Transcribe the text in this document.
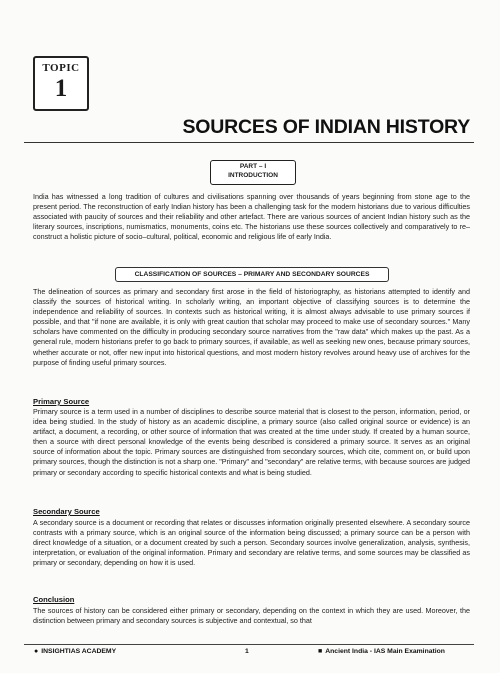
TOPIC
1
SOURCES OF INDIAN HISTORY
PART – I
INTRODUCTION

India has witnessed a long tradition of cultures and civilisations spanning over thousands of years beginning from stone age to the present period. The reconstruction of early Indian history has been a challenging task for the modern historians due to various difficulties associated with paucity of sources and their reliability and other artefact. There are various sources of ancient Indian history such as the literary sources, inscriptions, numismatics, monuments, coins etc. The historians use these sources collectively and comparatively to re–construct a holistic picture of socio–cultural, political, economic and religious life of early India.

CLASSIFICATION OF SOURCES – PRIMARY AND SECONDARY SOURCES

The delineation of sources as primary and secondary first arose in the field of historiography, as historians attempted to identify and classify the sources of historical writing. In scholarly writing, an important objective of classifying sources is to determine the independence and reliability of sources. In contexts such as historical writing, it is almost always advisable to use primary sources if possible, and that "if none are available, it is only with great caution that scholar may proceed to make use of secondary sources." Many scholars have commented on the difficulty in producing secondary source narratives from the "raw data" which makes up the past. As a general rule, modern historians prefer to go back to primary sources, if available, as well as seeking new ones, because primary sources, whether accurate or not, offer new input into historical questions, and most modern history revolves around heavy use of archives for the purpose of finding useful primary sources.

Primary Source

Primary source is a term used in a number of disciplines to describe source material that is closest to the person, information, period, or idea being studied. In the study of history as an academic discipline, a primary source (also called original source or evidence) is an artifact, a document, a recording, or other source of information that was created at the time under study. If created by a human source, then a source with direct personal knowledge of the events being described is considered a primary source. It serves as an original source of information about the topic. Primary sources are distinguished from secondary sources, which cite, comment on, or build upon primary sources, though the distinction is not a sharp one. "Primary" and "secondary" are relative terms, with because sources are judged primary or secondary according to specific historical contexts and what is being studied.

Secondary Source

A secondary source is a document or recording that relates or discusses information originally presented elsewhere. A secondary source contrasts with a primary source, which is an original source of the information being discussed; a primary source can be a person with direct knowledge of a situation, or a document created by such a person. Secondary sources involve generalization, analysis, synthesis, interpretation, or evaluation of the original information. Primary and secondary are relative terms, and some sources may be classified as primary or secondary, depending on how it is used.

Conclusion

The sources of history can be considered either primary or secondary, depending on the context in which they are used. Moreover, the distinction between primary and secondary sources is subjective and contextual, so that

● INSIGHTIAS ACADEMY	1	■ Ancient India - IAS Main Examination
